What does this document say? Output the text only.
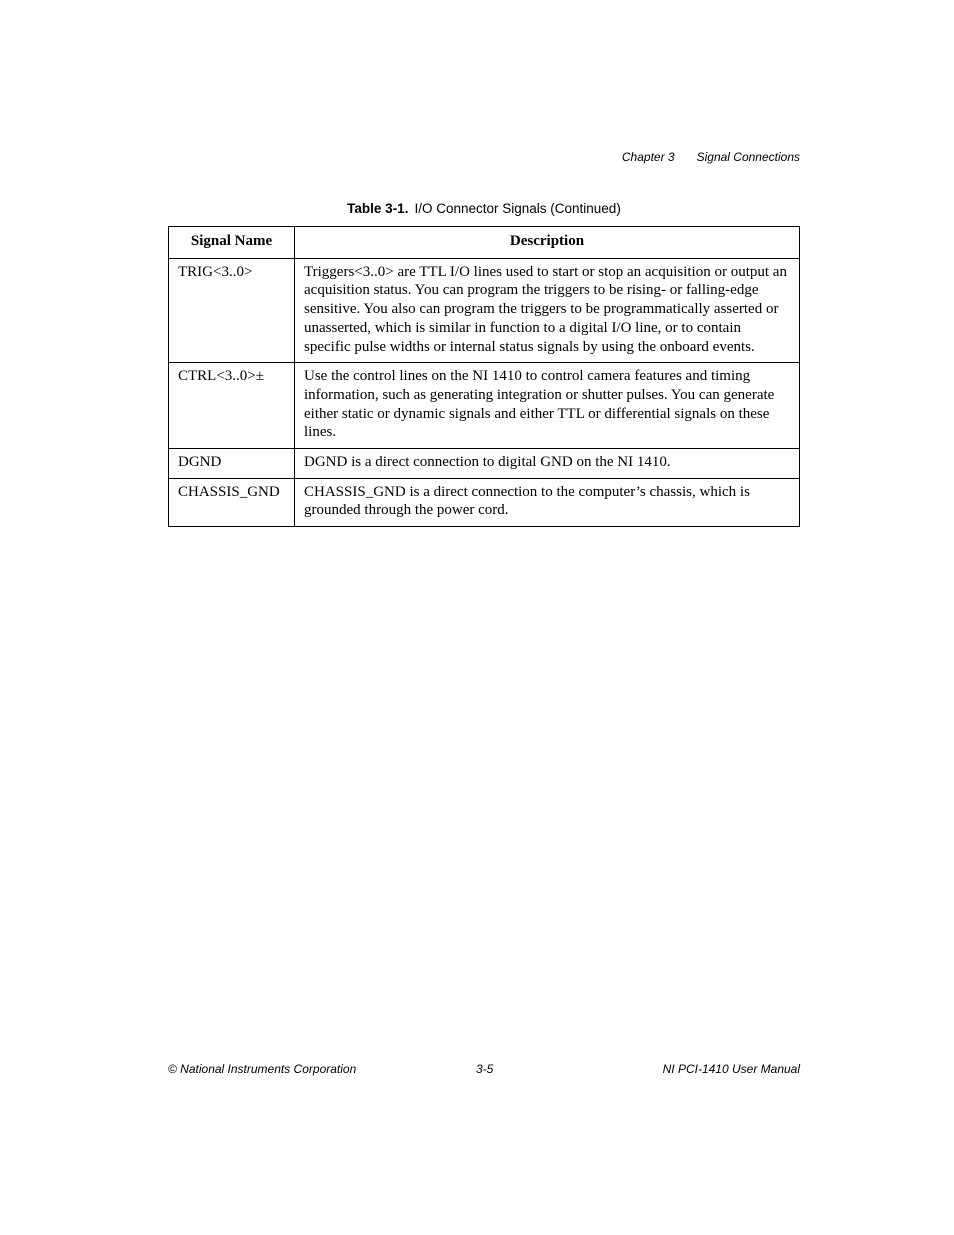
Chapter 3 Signal Connections
Table 3-1. I/O Connector Signals (Continued)
Signal Name	Description
TRIG<3..0>	Triggers<3..0> are TTL I/O lines used to start or stop an acquisition or output an acquisition status. You can program the triggers to be rising- or falling-edge sensitive. You also can program the triggers to be programmatically asserted or unasserted, which is similar in function to a digital I/O line, or to contain specific pulse widths or internal status signals by using the onboard events.
CTRL<3..0>±	Use the control lines on the NI 1410 to control camera features and timing information, such as generating integration or shutter pulses. You can generate either static or dynamic signals and either TTL or differential signals on these lines.
DGND	DGND is a direct connection to digital GND on the NI 1410.
CHASSIS_GND	CHASSIS_GND is a direct connection to the computer’s chassis, which is grounded through the power cord.
© National Instruments Corporation	3-5	NI PCI-1410 User Manual
